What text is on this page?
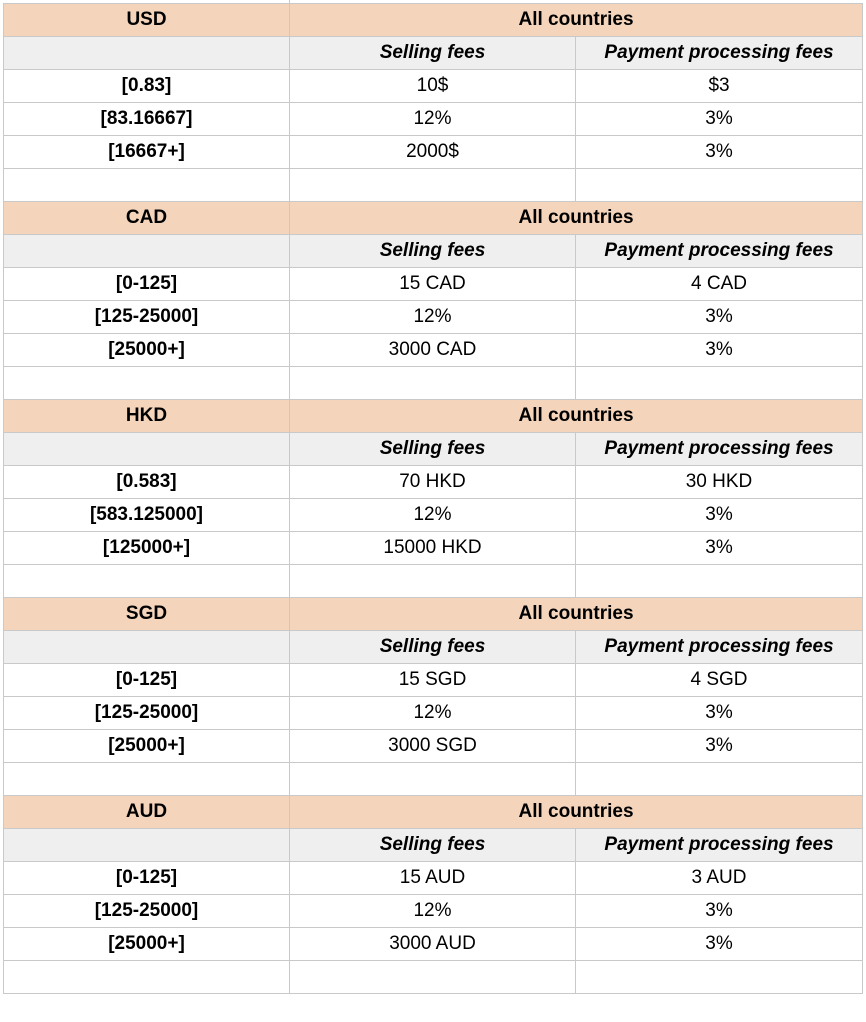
USD	All countries	
	Selling fees	Payment processing fees
[0.83]	10$	$3
[83.16667]	12%	3%
[16667+]	2000$	3%

CAD	All countries	
	Selling fees	Payment processing fees
[0-125]	15 CAD	4 CAD
[125-25000]	12%	3%
[25000+]	3000 CAD	3%

HKD	All countries	
	Selling fees	Payment processing fees
[0.583]	70 HKD	30 HKD
[583.125000]	12%	3%
[125000+]	15000 HKD	3%

SGD	All countries	
	Selling fees	Payment processing fees
[0-125]	15 SGD	4 SGD
[125-25000]	12%	3%
[25000+]	3000 SGD	3%

AUD	All countries	
	Selling fees	Payment processing fees
[0-125]	15 AUD	3 AUD
[125-25000]	12%	3%
[25000+]	3000 AUD	3%
